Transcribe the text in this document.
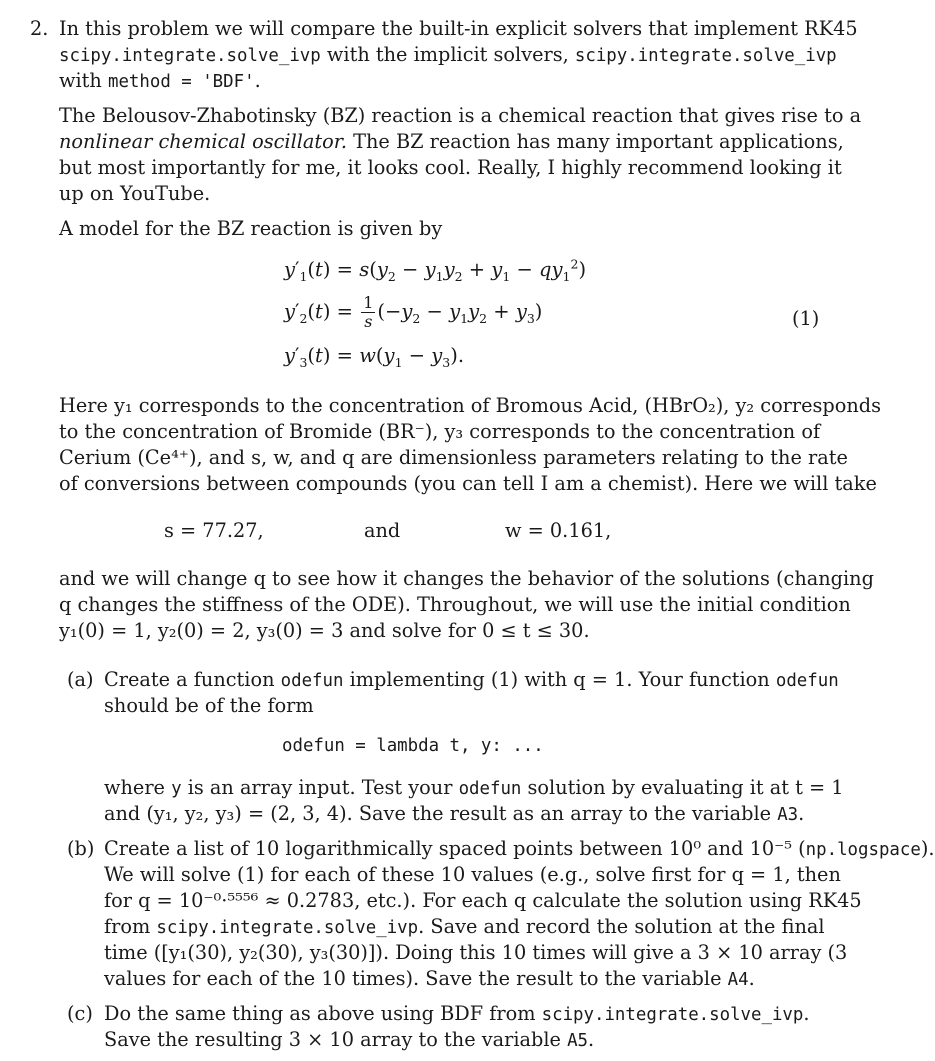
2. In this problem we will compare the built-in explicit solvers that implement RK45

scipy.integrate.solve_ivp with the implicit solvers, scipy.integrate.solve_ivp

with method = 'BDF'.

The Belousov-Zhabotinsky (BZ) reaction is a chemical reaction that gives rise to a

nonlinear chemical oscillator. The BZ reaction has many important applications,

but most importantly for me, it looks cool. Really, I highly recommend looking it

up on YouTube.

A model for the BZ reaction is given by

$y'_1(t) = s(y_2 - y_1y_2 + y_1 - qy_1^2)$
$y'_2(t) = \frac{1}{s} (-y_2 - y_1y_2 + y_3)$
$y'_3(t) = w(y_1 - y_3)$.

(1)

Here y₁ corresponds to the concentration of Bromous Acid, (HBrO₂), y₂ corresponds

to the concentration of Bromide (BR⁻), y₃ corresponds to the concentration of

Cerium (Ce⁴⁺), and s, w, and q are dimensionless parameters relating to the rate

of conversions between compounds (you can tell I am a chemist). Here we will take

s = 77.27,	and	w = 0.161,

and we will change q to see how it changes the behavior of the solutions (changing

q changes the stiffness of the ODE). Throughout, we will use the initial condition

y₁(0) = 1, y₂(0) = 2, y₃(0) = 3 and solve for 0 ≤ t ≤ 30.

(a) Create a function odefun implementing (1) with q = 1. Your function odefun

should be of the form

odefun = lambda t, y: ...

where y is an array input. Test your odefun solution by evaluating it at t = 1

and (y₁, y₂, y₃) = (2, 3, 4). Save the result as an array to the variable A3.

(b) Create a list of 10 logarithmically spaced points between 10⁰ and 10⁻⁵ (np.logspace).

We will solve (1) for each of these 10 values (e.g., solve first for q = 1, then

for q = 10⁻⁰·⁵⁵⁵⁶ ≈ 0.2783, etc.). For each q calculate the solution using RK45

from scipy.integrate.solve_ivp. Save and record the solution at the final

time ([y₁(30), y₂(30), y₃(30)]). Doing this 10 times will give a 3 × 10 array (3

values for each of the 10 times). Save the result to the variable A4.

(c) Do the same thing as above using BDF from scipy.integrate.solve_ivp.

Save the resulting 3 × 10 array to the variable A5.
